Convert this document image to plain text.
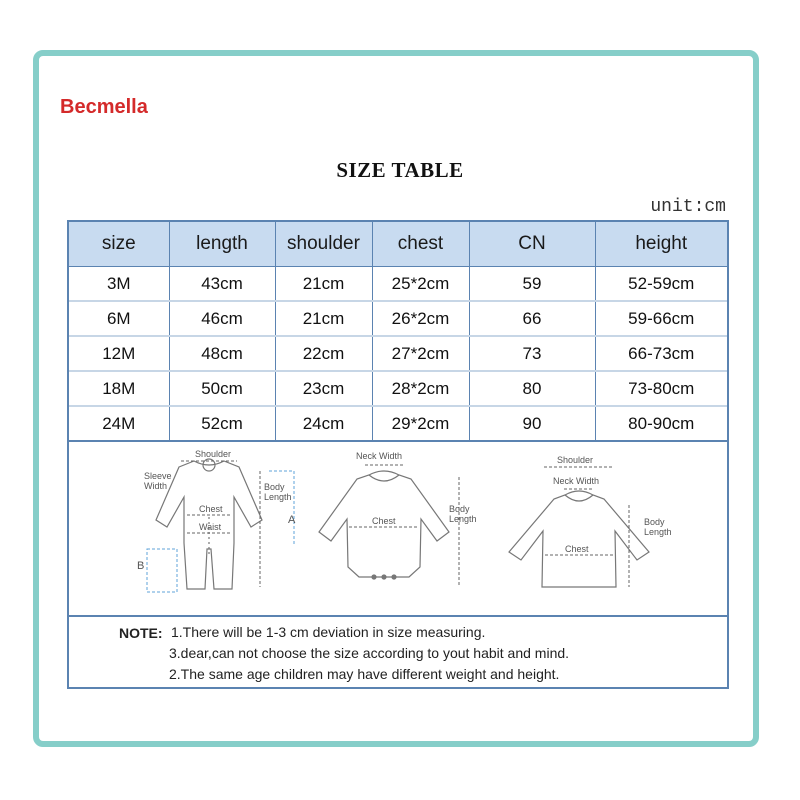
Becmella
SIZE TABLE
unit:cm
size	length	shoulder	chest	CN	height
3M	43cm	21cm	25*2cm	59	52-59cm
6M	46cm	21cm	26*2cm	66	59-66cm
12M	48cm	22cm	27*2cm	73	66-73cm
18M	50cm	23cm	28*2cm	80	73-80cm
24M	52cm	24cm	29*2cm	90	80-90cm
Shoulder
Sleeve
Width	Body
Length
Chest
Waist
A
B
Neck Width
Chest
Body
Length
Shoulder
Neck Width
Chest
Body
Length
NOTE: 1.There will be 1-3 cm deviation in size measuring.
3.dear,can not choose the size according to yout habit and mind.
2.The same age children may have different weight and height.
